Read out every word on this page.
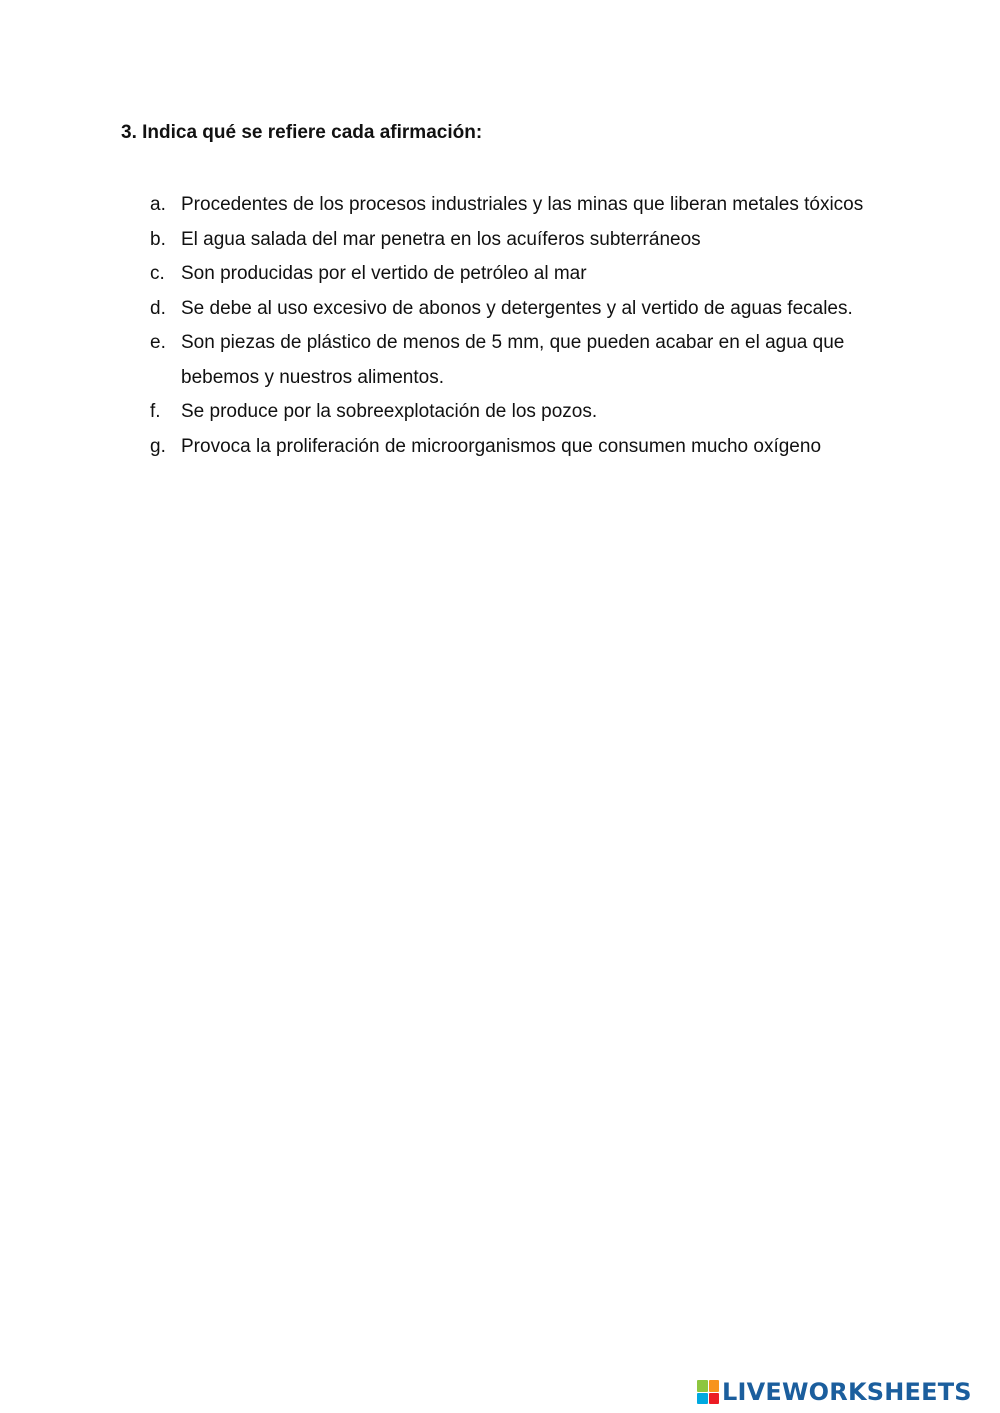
3. Indica qué se refiere cada afirmación:
a. Procedentes de los procesos industriales y las minas que liberan metales tóxicos
b. El agua salada del mar penetra en los acuíferos subterráneos
c. Son producidas por el vertido de petróleo al mar
d. Se debe al uso excesivo de abonos y detergentes y al vertido de aguas fecales.
e. Son piezas de plástico de menos de 5 mm, que pueden acabar en el agua que bebemos y nuestros alimentos.
f.	Se produce por la sobreexplotación de los pozos.
g. Provoca la proliferación de microorganismos que consumen mucho oxígeno
LIVEWORKSHEETS
